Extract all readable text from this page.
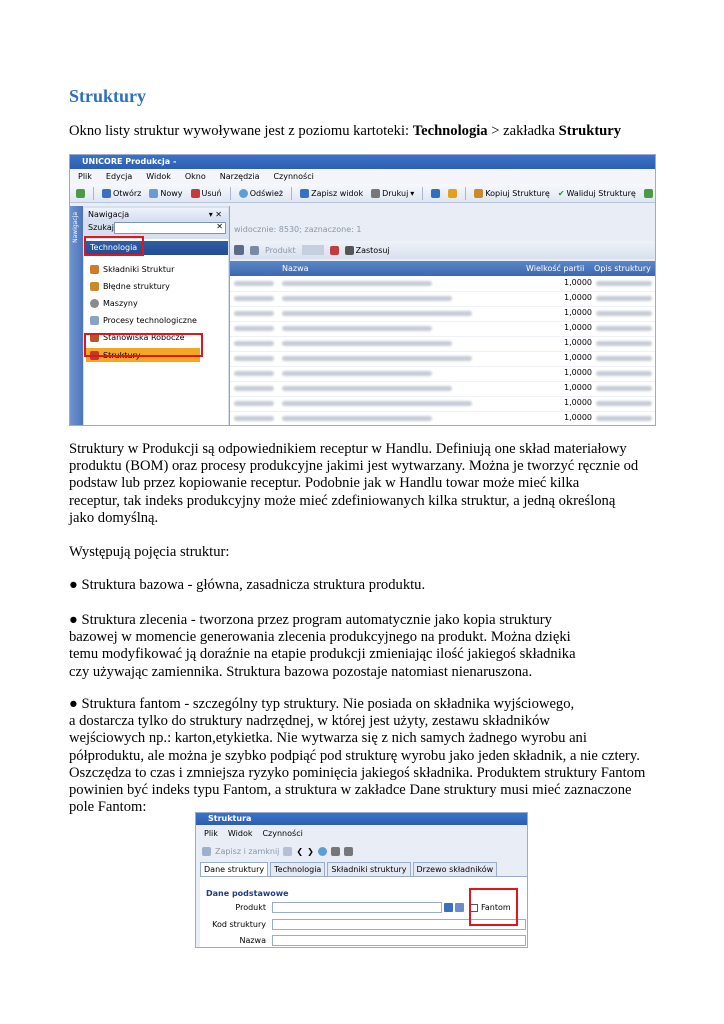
Struktury
Okno listy struktur wywoływane jest z poziomu kartoteki: Technologia > zakładka Struktury
UNICORE Produkcja -
Plik Edycja Widok Okno Narzędzia Czynności
Otwórz Nowy Usuń	Odśwież	Zapisz widok Drukuj ▾	Kopiuj Strukturę ✔ Waliduj Strukturę
widocznie: 8530; zaznaczone: 1
Produkt	Zastosuj
Nazwa	Wielkość partii Opis struktury
1,0000
1,0000
1,0000
1,0000
1,0000
1,0000
1,0000
1,0000
1,0000
1,0000
Nawigacja	Nawigacja	▾ ✕
Szukaj	✕
Technologia
Składniki Struktur
Błędne struktury
Maszyny
Procesy technologiczne
Stanowiska Robocze
Struktury
Struktury w Produkcji są odpowiednikiem receptur w Handlu. Definiują one skład materiałowy
produktu (BOM) oraz procesy produkcyjne jakimi jest wytwarzany. Można je tworzyć ręcznie od
podstaw lub przez kopiowanie receptur. Podobnie jak w Handlu towar może mieć kilka
receptur, tak indeks produkcyjny może mieć zdefiniowanych kilka struktur, a jedną określoną
jako domyślną.
Występują pojęcia struktur:
● Struktura bazowa - główna, zasadnicza struktura produktu.
● Struktura zlecenia - tworzona przez program automatycznie jako kopia struktury
bazowej w momencie generowania zlecenia produkcyjnego na produkt. Można dzięki
temu modyfikować ją doraźnie na etapie produkcji zmieniając ilość jakiegoś składnika
czy używając zamiennika. Struktura bazowa pozostaje natomiast nienaruszona.
● Struktura fantom - szczególny typ struktury. Nie posiada on składnika wyjściowego,
a dostarcza tylko do struktury nadrzędnej, w której jest użyty, zestawu składników
wejściowych np.: karton,etykietka. Nie wytwarza się z nich samych żadnego wyrobu ani
półproduktu, ale można je szybko podpiąć pod strukturę wyrobu jako jeden składnik, a nie cztery.
Oszczędza to czas i zmniejsza ryzyko pominięcia jakiegoś składnika. Produktem struktury Fantom
powinien być indeks typu Fantom, a struktura w zakładce Dane struktury musi mieć zaznaczone
pole Fantom:
Struktura
Plik Widok Czynności
Zapisz i zamknij ❮ ❯
Dane struktury	Technologia	Składniki struktury	Drzewo składników
Dane podstawowe
Produkt	Fantom
Kod struktury
Nazwa
